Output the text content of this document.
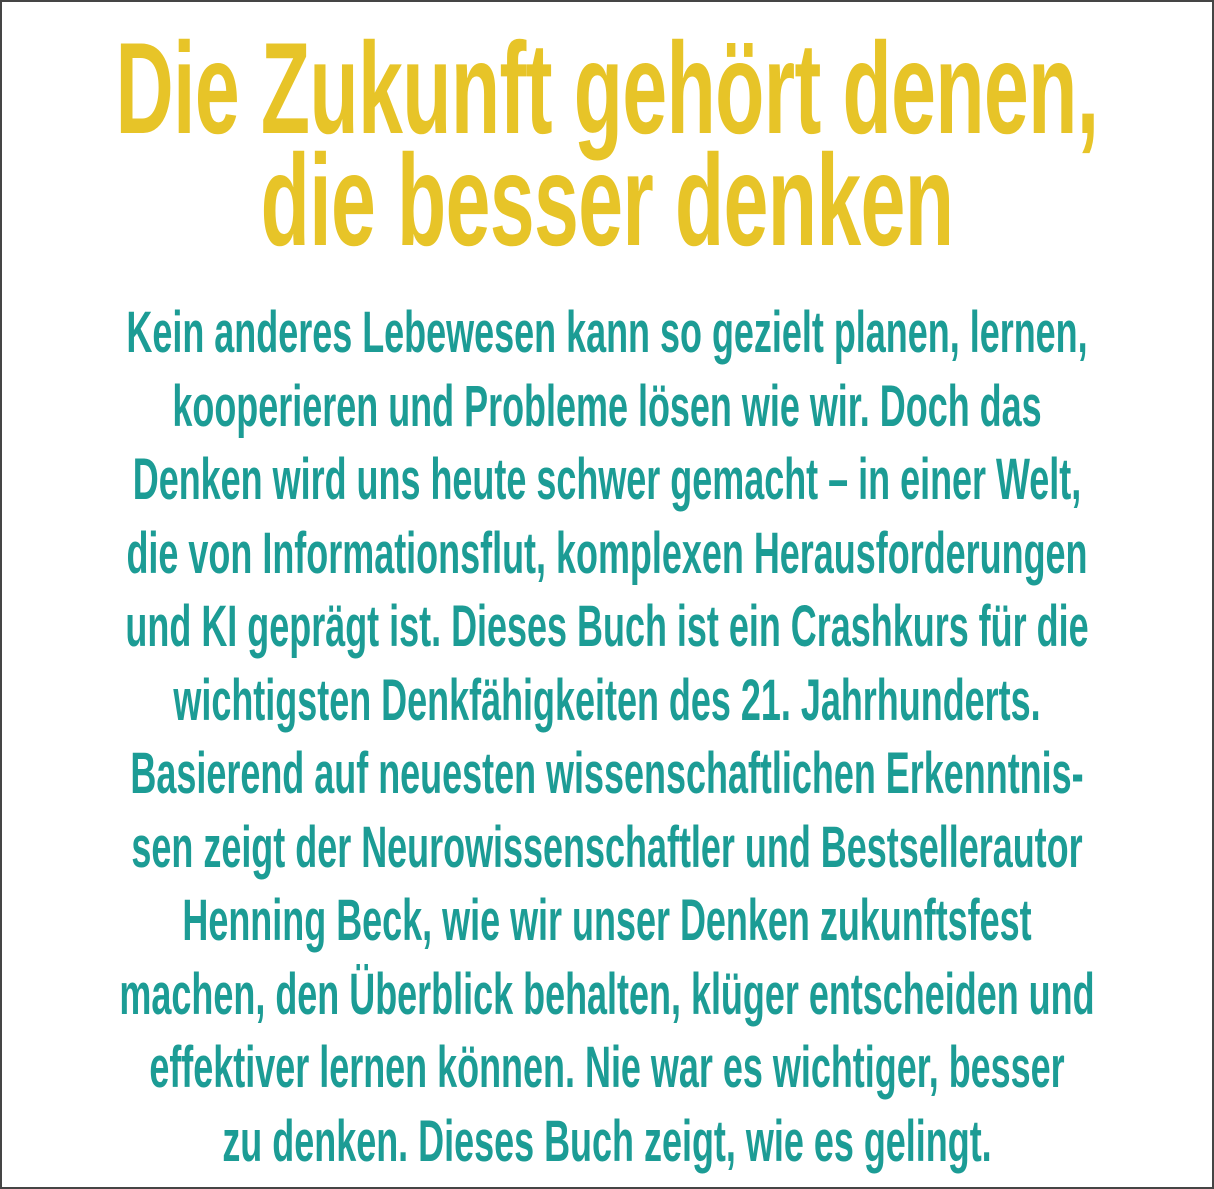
Die Zukunft gehört denen,
die besser denken

Kein anderes Lebewesen kann so gezielt planen, lernen,
kooperieren und Probleme lösen wie wir. Doch das
Denken wird uns heute schwer gemacht – in einer Welt,
die von Informationsflut, komplexen Herausforderungen
und KI geprägt ist. Dieses Buch ist ein Crashkurs für die
wichtigsten Denkfähigkeiten des 21. Jahrhunderts.
Basierend auf neuesten wissenschaftlichen Erkenntnis-
sen zeigt der Neurowissenschaftler und Bestsellerautor
Henning Beck, wie wir unser Denken zukunftsfest
machen, den Überblick behalten, klüger entscheiden und
effektiver lernen können. Nie war es wichtiger, besser
zu denken. Dieses Buch zeigt, wie es gelingt.
